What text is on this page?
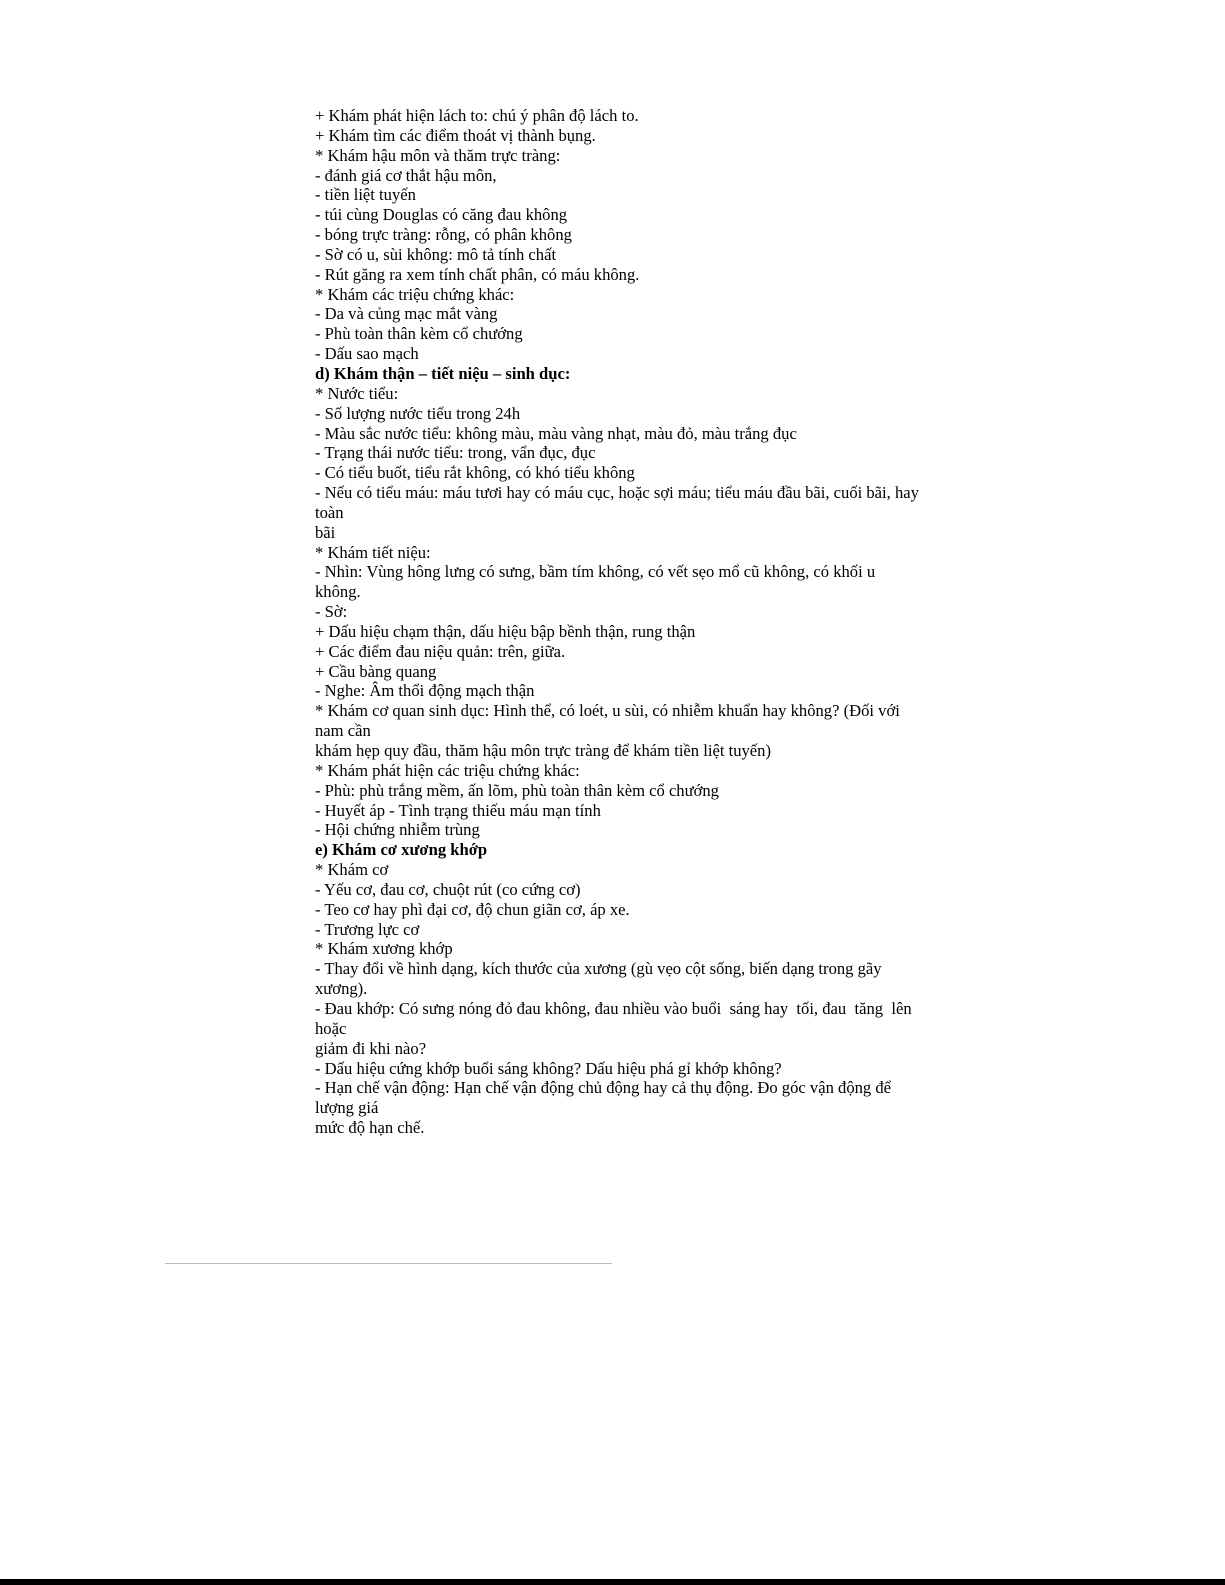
+ Khám phát hiện lách to: chú ý phân độ lách to.
+ Khám tìm các điểm thoát vị thành bụng.
* Khám hậu môn và thăm trực tràng:
- đánh giá cơ thắt hậu môn,
- tiền liệt tuyến
- túi cùng Douglas có căng đau không
- bóng trực tràng: rỗng, có phân không
- Sờ có u, sùi không: mô tả tính chất
- Rút găng ra xem tính chất phân, có máu không.
* Khám các triệu chứng khác:
- Da và củng mạc mắt vàng
- Phù toàn thân kèm cổ chướng
- Dấu sao mạch
d) Khám thận – tiết niệu – sinh dục:
* Nước tiểu:
- Số lượng nước tiểu trong 24h
- Màu sắc nước tiểu: không màu, màu vàng nhạt, màu đỏ, màu trắng đục
- Trạng thái nước tiểu: trong, vẩn đục, đục
- Có tiểu buốt, tiểu rắt không, có khó tiểu không
- Nếu có tiểu máu: máu tươi hay có máu cục, hoặc sợi máu; tiểu máu đầu bãi, cuối bãi, hay
toàn
bãi
* Khám tiết niệu:
- Nhìn: Vùng hông lưng có sưng, bầm tím không, có vết sẹo mổ cũ không, có khối u
không.
- Sờ:
+ Dấu hiệu chạm thận, dấu hiệu bập bềnh thận, rung thận
+ Các điểm đau niệu quản: trên, giữa.
+ Cầu bàng quang
- Nghe: Âm thổi động mạch thận
* Khám cơ quan sinh dục: Hình thể, có loét, u sùi, có nhiễm khuẩn hay không? (Đối với
nam cần
khám hẹp quy đầu, thăm hậu môn trực tràng để khám tiền liệt tuyến)
* Khám phát hiện các triệu chứng khác:
- Phù: phù trắng mềm, ấn lõm, phù toàn thân kèm cổ chướng
- Huyết áp - Tình trạng thiếu máu mạn tính
- Hội chứng nhiễm trùng
e) Khám cơ xương khớp
* Khám cơ
- Yếu cơ, đau cơ, chuột rút (co cứng cơ)
- Teo cơ hay phì đại cơ, độ chun giãn cơ, áp xe.
- Trương lực cơ
* Khám xương khớp
- Thay đổi về hình dạng, kích thước của xương (gù vẹo cột sống, biến dạng trong gãy
xương).
- Đau khớp: Có sưng nóng đỏ đau không, đau nhiều vào buổi  sáng hay  tối, đau  tăng  lên
hoặc
giảm đi khi nào?
- Dấu hiệu cứng khớp buổi sáng không? Dấu hiệu phá gỉ khớp không?
- Hạn chế vận động: Hạn chế vận động chủ động hay cả thụ động. Đo góc vận động để
lượng giá
mức độ hạn chế.
